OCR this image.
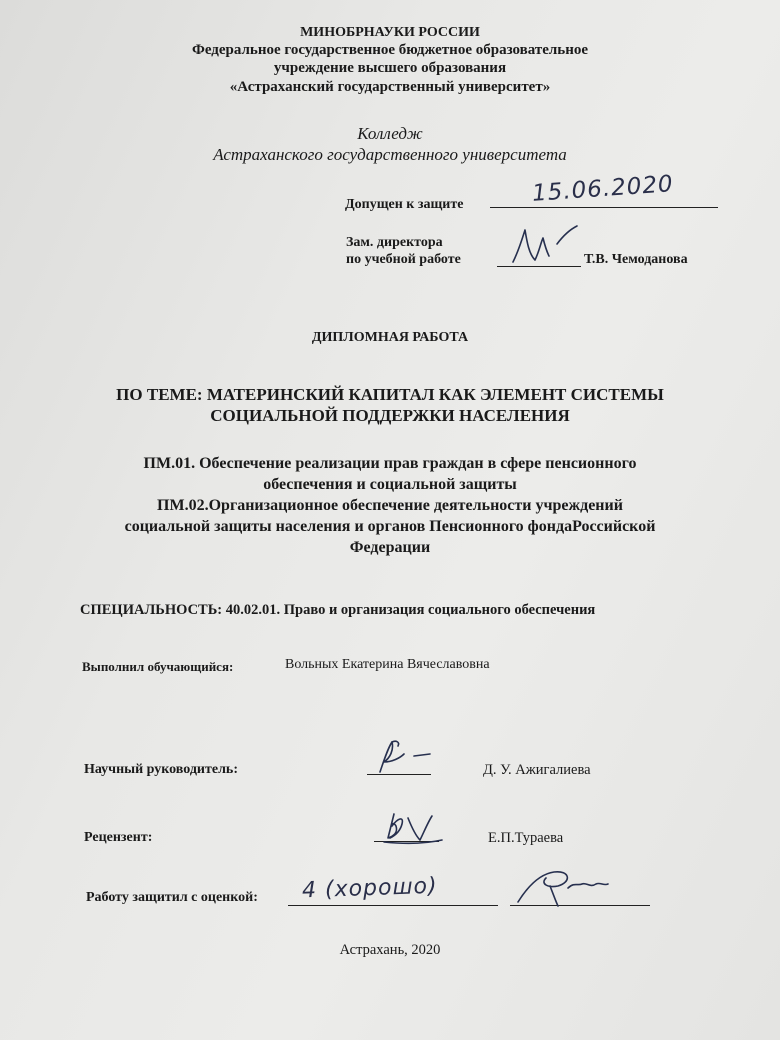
МИНОБРНАУКИ РОССИИ
Федеральное государственное бюджетное образовательное
учреждение высшего образования
«Астраханский государственный университет»
Колледж
Астраханского государственного университета
Допущен к защите	15.06.2020
Зам. директора
по учебной работе	Т.В. Чемоданова
ДИПЛОМНАЯ РАБОТА
ПО ТЕМЕ: МАТЕРИНСКИЙ КАПИТАЛ КАК ЭЛЕМЕНТ СИСТЕМЫ
СОЦИАЛЬНОЙ ПОДДЕРЖКИ НАСЕЛЕНИЯ
ПМ.01. Обеспечение реализации прав граждан в сфере пенсионного
обеспечения и социальной защиты
ПМ.02.Организационное обеспечение деятельности учреждений
социальной защиты населения и органов Пенсионного фондаРоссийской
Федерации
СПЕЦИАЛЬНОСТЬ: 40.02.01. Право и организация социального обеспечения
Выполнил обучающийся:	Вольных Екатерина Вячеславовна
Научный руководитель:	Д. У. Ажигалиева
Рецензент:	Е.П.Тураева
Работу защитил с оценкой: 4 (хорошо)
Астрахань, 2020
